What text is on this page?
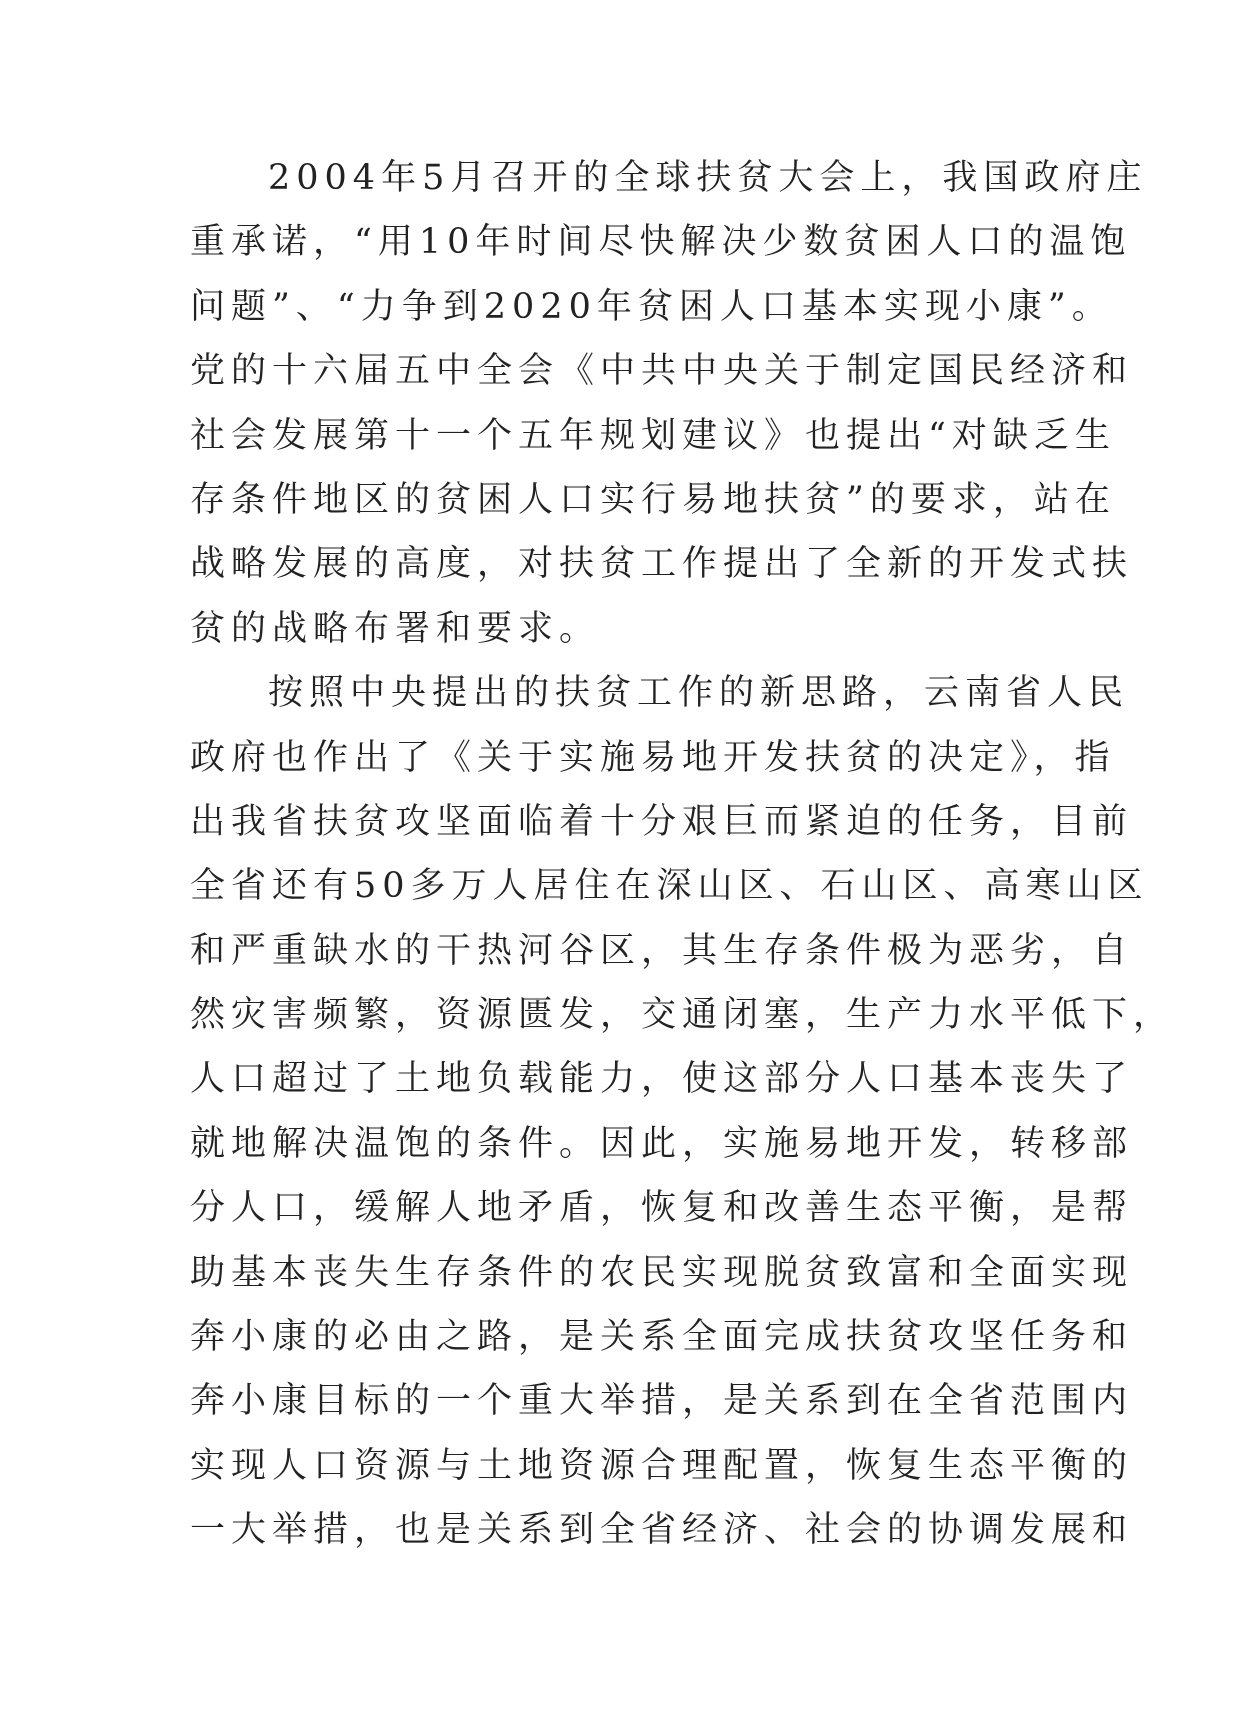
2004年5月召开的全球扶贫大会上，我国政府庄
重承诺，“用10年时间尽快解决少数贫困人口的温饱
问题”、“力争到2020年贫困人口基本实现小康”。
党的十六届五中全会《中共中央关于制定国民经济和
社会发展第十一个五年规划建议》也提出“对缺乏生
存条件地区的贫困人口实行易地扶贫”的要求，站在
战略发展的高度，对扶贫工作提出了全新的开发式扶
贫的战略布署和要求。
按照中央提出的扶贫工作的新思路，云南省人民
政府也作出了《关于实施易地开发扶贫的决定》，指
出我省扶贫攻坚面临着十分艰巨而紧迫的任务，目前
全省还有50多万人居住在深山区、石山区、高寒山区
和严重缺水的干热河谷区，其生存条件极为恶劣，自
然灾害频繁，资源匮发，交通闭塞，生产力水平低下，
人口超过了土地负载能力，使这部分人口基本丧失了
就地解决温饱的条件。因此，实施易地开发，转移部
分人口，缓解人地矛盾，恢复和改善生态平衡，是帮
助基本丧失生存条件的农民实现脱贫致富和全面实现
奔小康的必由之路，是关系全面完成扶贫攻坚任务和
奔小康目标的一个重大举措，是关系到在全省范围内
实现人口资源与土地资源合理配置，恢复生态平衡的
一大举措，也是关系到全省经济、社会的协调发展和
